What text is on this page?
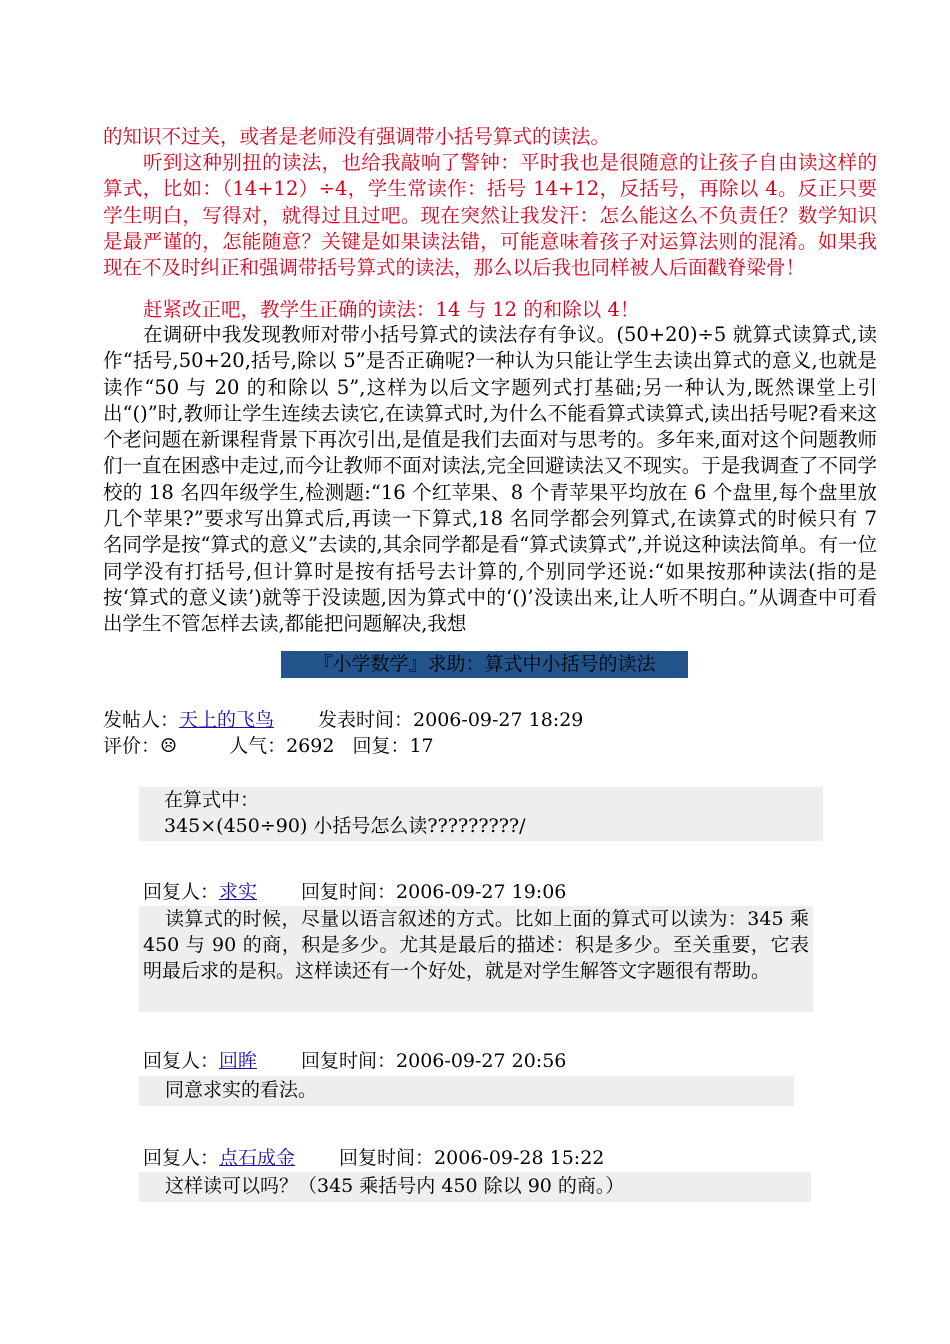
的知识不过关，或者是老师没有强调带小括号算式的读法。

听到这种别扭的读法，也给我敲响了警钟：平时我也是很随意的让孩子自由读这样的算式，比如：（14+12）÷4，学生常读作：括号 14+12，反括号，再除以 4。反正只要学生明白，写得对，就得过且过吧。现在突然让我发汗：怎么能这么不负责任？数学知识是最严谨的，怎能随意？关键是如果读法错，可能意味着孩子对运算法则的混淆。如果我现在不及时纠正和强调带括号算式的读法，那么以后我也同样被人后面戳脊梁骨！

赶紧改正吧，教学生正确的读法：14 与 12 的和除以 4！

在调研中我发现教师对带小括号算式的读法存有争议。(50+20)÷5 就算式读算式,读作“括号,50+20,括号,除以 5”是否正确呢?一种认为只能让学生去读出算式的意义,也就是读作“50 与 20 的和除以 5”,这样为以后文字题列式打基础;另一种认为,既然课堂上引出“()”时,教师让学生连续去读它,在读算式时,为什么不能看算式读算式,读出括号呢?看来这个老问题在新课程背景下再次引出,是值是我们去面对与思考的。多年来,面对这个问题教师们一直在困惑中走过,而今让教师不面对读法,完全回避读法又不现实。于是我调查了不同学校的 18 名四年级学生,检测题:“16 个红苹果、8 个青苹果平均放在 6 个盘里,每个盘里放几个苹果?”要求写出算式后,再读一下算式,18 名同学都会列算式,在读算式的时候只有 7 名同学是按“算式的意义”去读的,其余同学都是看“算式读算式”,并说这种读法简单。有一位同学没有打括号,但计算时是按有括号去计算的,个别同学还说:“如果按那种读法(指的是按‘算式的意义读’)就等于没读题,因为算式中的‘()’没读出来,让人听不明白。”从调查中可看出学生不管怎样去读,都能把问题解决,我想

『小学数学』求助：算式中小括号的读法
发帖人：天上的飞鸟 发表时间：2006-09-27 18:29
评价：☹	人气：2692 回复：17
在算式中：
345×(450÷90) 小括号怎么读?????????/
回复人：求实 回复时间：2006-09-27 19:06

读算式的时候，尽量以语言叙述的方式。比如上面的算式可以读为：345 乘 450 与 90 的商，积是多少。尤其是最后的描述：积是多少。至关重要，它表明最后求的是积。这样读还有一个好处，就是对学生解答文字题很有帮助。

回复人：回眸 回复时间：2006-09-27 20:56

同意求实的看法。

回复人：点石成金 回复时间：2006-09-28 15:22

这样读可以吗？（345 乘括号内 450 除以 90 的商。）
